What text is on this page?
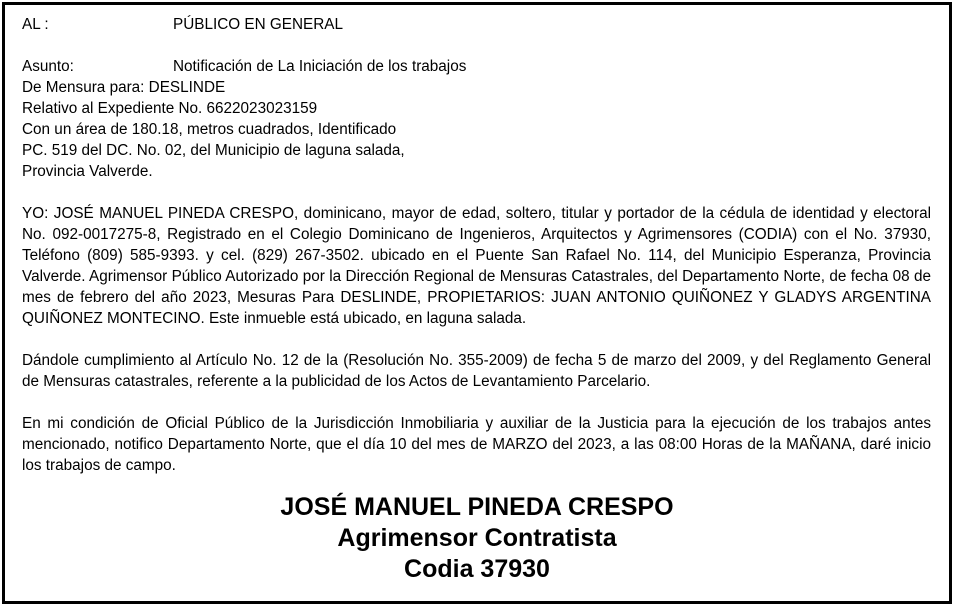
AL :	PÚBLICO EN GENERAL
Asunto:	Notificación de La Iniciación de los trabajos
De Mensura para: DESLINDE
Relativo al Expediente No. 6622023023159
Con un área de 180.18, metros cuadrados, Identificado
PC. 519 del DC. No. 02, del Municipio de laguna salada,
Provincia Valverde.
YO: JOSÉ MANUEL PINEDA CRESPO, dominicano, mayor de edad, soltero, titular y portador de la cédula de identidad y electoral No. 092-0017275-8, Registrado en el Colegio Dominicano de Ingenieros, Arquitectos y Agrimensores (CODIA) con el No. 37930, Teléfono (809) 585-9393. y cel. (829) 267-3502. ubicado en el Puente San Rafael No. 114, del Municipio Esperanza, Provincia Valverde. Agrimensor Público Autorizado por la Dirección Regional de Mensuras Catastrales, del Departamento Norte, de fecha 08 de mes de febrero del año 2023, Mesuras Para DESLINDE, PROPIETARIOS: JUAN ANTONIO QUIÑONEZ Y GLADYS ARGENTINA QUIÑONEZ MONTECINO. Este inmueble está ubicado, en laguna salada.
Dándole cumplimiento al Artículo No. 12 de la (Resolución No. 355-2009) de fecha 5 de marzo del 2009, y del Reglamento General de Mensuras catastrales, referente a la publicidad de los Actos de Levantamiento Parcelario.
En mi condición de Oficial Público de la Jurisdicción Inmobiliaria y auxiliar de la Justicia para la ejecución de los trabajos antes mencionado, notifico Departamento Norte, que el día 10 del mes de MARZO del 2023, a las 08:00 Horas de la MAÑANA, daré inicio los trabajos de campo.
JOSÉ MANUEL PINEDA CRESPO
Agrimensor Contratista
Codia 37930
